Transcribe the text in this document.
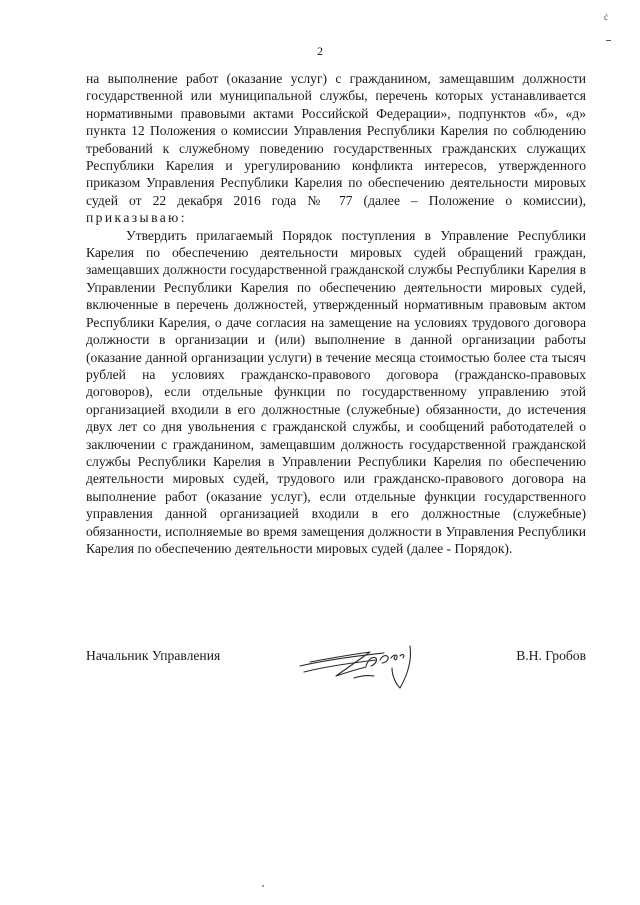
ċ
2

на выполнение работ (оказание услуг) с гражданином, замещавшим должности государственной или муниципальной службы, перечень которых устанавливается нормативными правовыми актами Российской Федерации», подпунктов «б», «д» пункта 12 Положения о комиссии Управления Республики Карелия по соблюдению требований к служебному поведению государственных гражданских служащих Республики Карелия и урегулированию конфликта интересов, утвержденного приказом Управления Республики Карелия по обеспечению деятельности мировых судей от 22 декабря 2016 года № 77 (далее – Положение о комиссии), приказываю:

Утвердить прилагаемый Порядок поступления в Управление Республики Карелия по обеспечению деятельности мировых судей обращений граждан, замещавших должности государственной гражданской службы Республики Карелия в Управлении Республики Карелия по обеспечению деятельности мировых судей, включенные в перечень должностей, утвержденный нормативным правовым актом Республики Карелия, о даче согласия на замещение на условиях трудового договора должности в организации и (или) выполнение в данной организации работы (оказание данной организации услуги) в течение месяца стоимостью более ста тысяч рублей на условиях гражданско-правового договора (гражданско-правовых договоров), если отдельные функции по государственному управлению этой организацией входили в его должностные (служебные) обязанности, до истечения двух лет со дня увольнения с гражданской службы, и сообщений работодателей о заключении с гражданином, замещавшим должность государственной гражданской службы Республики Карелия в Управлении Республики Карелия по обеспечению деятельности мировых судей, трудового или гражданско-правового договора на выполнение работ (оказание услуг), если отдельные функции государственного управления данной организацией входили в его должностные (служебные) обязанности, исполняемые во время замещения должности в Управления Республики Карелия по обеспечению деятельности мировых судей (далее - Порядок).

Начальник Управления	В.Н. Гробов
